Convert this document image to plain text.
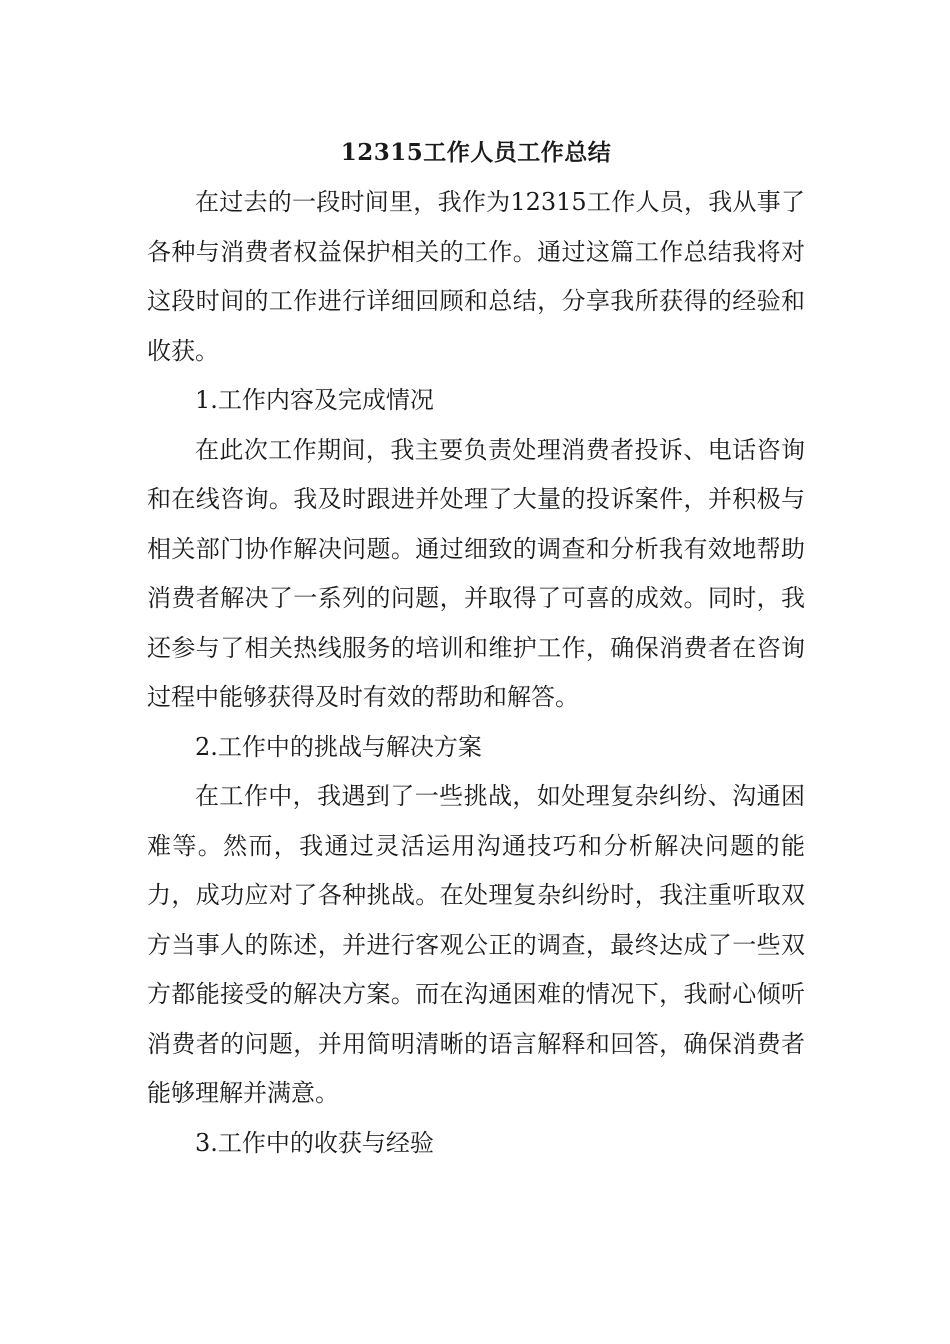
12315工作人员工作总结

在过去的一段时间里，我作为12315工作人员，我从事了各种与消费者权益保护相关的工作。通过这篇工作总结我将对这段时间的工作进行详细回顾和总结，分享我所获得的经验和收获。

1.工作内容及完成情况

在此次工作期间，我主要负责处理消费者投诉、电话咨询和在线咨询。我及时跟进并处理了大量的投诉案件，并积极与相关部门协作解决问题。通过细致的调查和分析我有效地帮助消费者解决了一系列的问题，并取得了可喜的成效。同时，我还参与了相关热线服务的培训和维护工作，确保消费者在咨询过程中能够获得及时有效的帮助和解答。

2.工作中的挑战与解决方案

在工作中，我遇到了一些挑战，如处理复杂纠纷、沟通困难等。然而，我通过灵活运用沟通技巧和分析解决问题的能力，成功应对了各种挑战。在处理复杂纠纷时，我注重听取双方当事人的陈述，并进行客观公正的调查，最终达成了一些双方都能接受的解决方案。而在沟通困难的情况下，我耐心倾听消费者的问题，并用简明清晰的语言解释和回答，确保消费者能够理解并满意。

3.工作中的收获与经验
